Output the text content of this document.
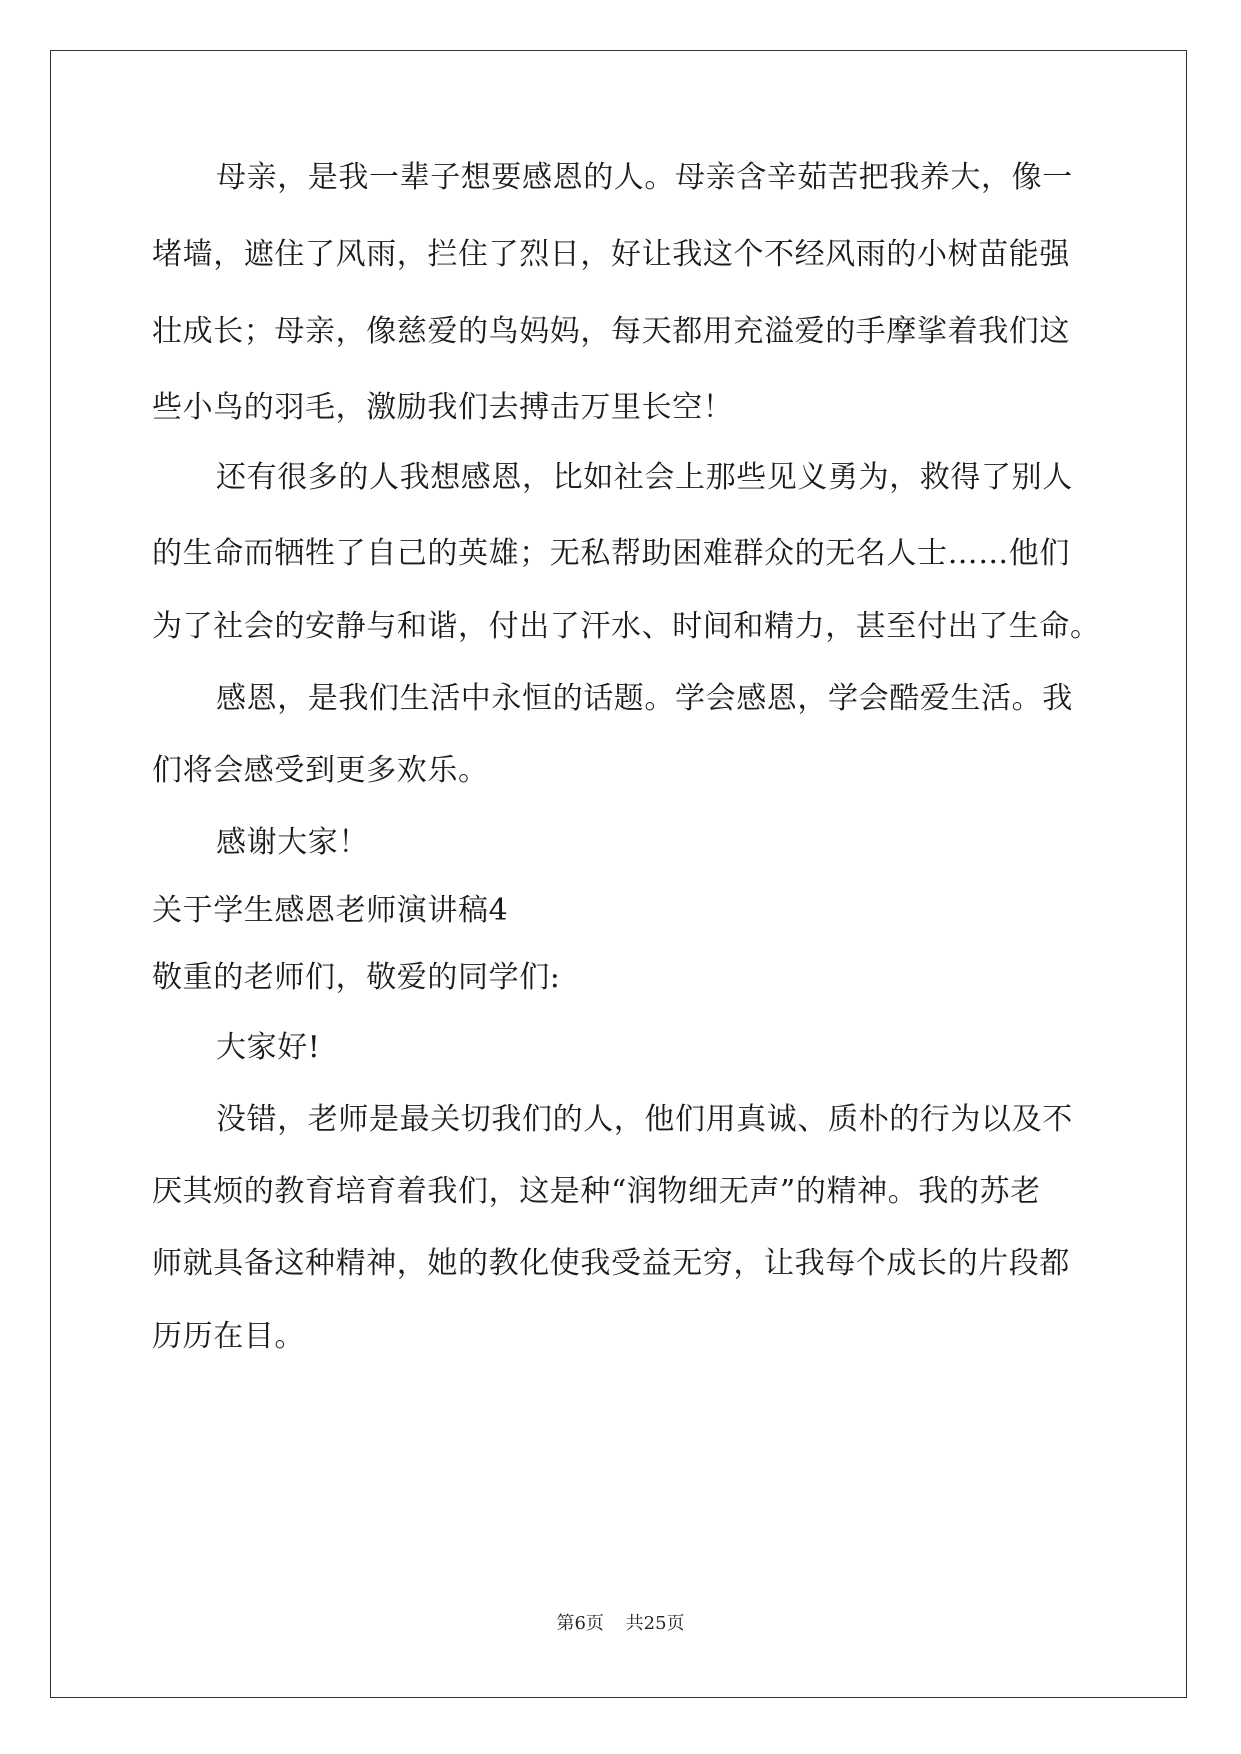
母亲，是我一辈子想要感恩的人。母亲含辛茹苦把我养大，像一
堵墙，遮住了风雨，拦住了烈日，好让我这个不经风雨的小树苗能强
壮成长；母亲，像慈爱的鸟妈妈，每天都用充溢爱的手摩挲着我们这
些小鸟的羽毛，激励我们去搏击万里长空！
还有很多的人我想感恩，比如社会上那些见义勇为，救得了别人
的生命而牺牲了自己的英雄；无私帮助困难群众的无名人士……他们
为了社会的安静与和谐，付出了汗水、时间和精力，甚至付出了生命。
感恩，是我们生活中永恒的话题。学会感恩，学会酷爱生活。我
们将会感受到更多欢乐。
感谢大家！
关于学生感恩老师演讲稿4
敬重的老师们，敬爱的同学们:
大家好!
没错，老师是最关切我们的人，他们用真诚、质朴的行为以及不
厌其烦的教育培育着我们，这是种“润物细无声”的精神。我的苏老
师就具备这种精神，她的教化使我受益无穷，让我每个成长的片段都
历历在目。
第6页 共25页
